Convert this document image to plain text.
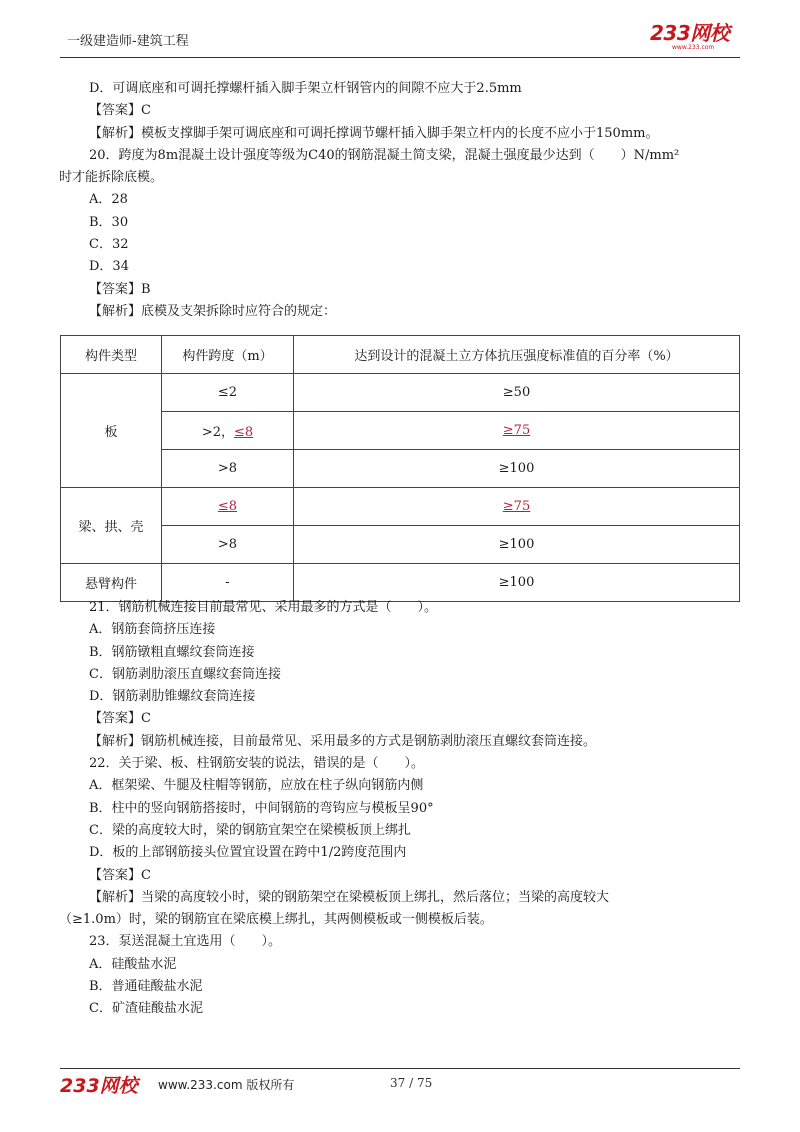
一级建造师-建筑工程	233网校
www.233.com
D．可调底座和可调托撑螺杆插入脚手架立杆钢管内的间隙不应大于2.5mm
【答案】C
【解析】模板支撑脚手架可调底座和可调托撑调节螺杆插入脚手架立杆内的长度不应小于150mm。
20．跨度为8m混凝土设计强度等级为C40的钢筋混凝土简支梁，混凝土强度最少达到（　　）N/mm²
时才能拆除底模。
A．28
B．30
C．32
D．34
【答案】B
【解析】底模及支架拆除时应符合的规定：
构件类型	构件跨度（m）	达到设计的混凝土立方体抗压强度标准值的百分率（%）
板	≤2	≥50
	>2，≤8	≥75
	>8	≥100
梁、拱、壳	≤8	≥75
	>8	≥100
悬臂构件	-	≥100
21．钢筋机械连接目前最常见、采用最多的方式是（　　）。
A．钢筋套筒挤压连接
B．钢筋镦粗直螺纹套筒连接
C．钢筋剥肋滚压直螺纹套筒连接
D．钢筋剥肋锥螺纹套筒连接
【答案】C
【解析】钢筋机械连接，目前最常见、采用最多的方式是钢筋剥肋滚压直螺纹套筒连接。
22．关于梁、板、柱钢筋安装的说法，错误的是（　　）。
A．框架梁、牛腿及柱帽等钢筋，应放在柱子纵向钢筋内侧
B．柱中的竖向钢筋搭接时，中间钢筋的弯钩应与模板呈90°
C．梁的高度较大时，梁的钢筋宜架空在梁模板顶上绑扎
D．板的上部钢筋接头位置宜设置在跨中1/2跨度范围内
【答案】C
【解析】当梁的高度较小时，梁的钢筋架空在梁模板顶上绑扎，然后落位；当梁的高度较大
（≥1.0m）时，梁的钢筋宜在梁底模上绑扎，其两侧模板或一侧模板后装。
23．泵送混凝土宜选用（　　）。
A．硅酸盐水泥
B．普通硅酸盐水泥
C．矿渣硅酸盐水泥
233网校 www.233.com 版权所有	37 / 75
